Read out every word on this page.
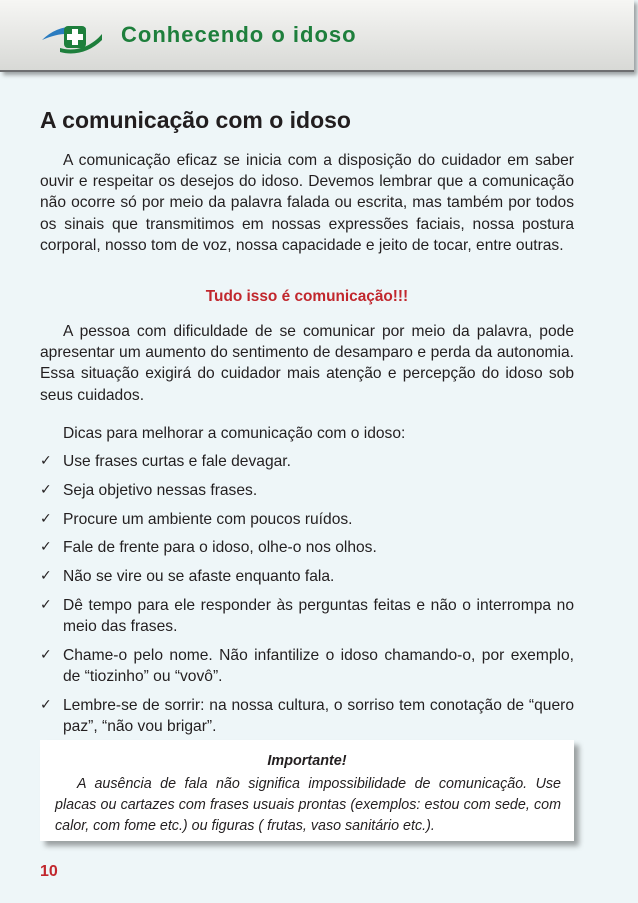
Conhecendo o idoso
A comunicação com o idoso

A comunicação eficaz se inicia com a disposição do cuidador em saber ouvir e respeitar os desejos do idoso. Devemos lembrar que a comunicação não ocorre só por meio da palavra falada ou escrita, mas também por todos os sinais que transmitimos em nossas expressões faciais, nossa postura corporal, nosso tom de voz, nossa capacidade e jeito de tocar, entre outras.

Tudo isso é comunicação!!!

A pessoa com dificuldade de se comunicar por meio da palavra, pode apresentar um aumento do sentimento de desamparo e perda da autonomia. Essa situação exigirá do cuidador mais atenção e percepção do idoso sob seus cuidados.

Dicas para melhorar a comunicação com o idoso:
✓ Use frases curtas e fale devagar.
✓ Seja objetivo nessas frases.
✓ Procure um ambiente com poucos ruídos.
✓ Fale de frente para o idoso, olhe-o nos olhos.
✓ Não se vire ou se afaste enquanto fala.
✓ Dê tempo para ele responder às perguntas feitas e não o interrompa no meio das frases.
✓ Chame-o pelo nome. Não infantilize o idoso chamando-o, por exemplo, de “tiozinho” ou “vovô”.
✓ Lembre-se de sorrir: na nossa cultura, o sorriso tem conotação de “quero paz”, “não vou brigar”.
Importante!

A ausência de fala não significa impossibilidade de comunicação. Use placas ou cartazes com frases usuais prontas (exemplos: estou com sede, com calor, com fome etc.) ou figuras ( frutas, vaso sanitário etc.).

10
